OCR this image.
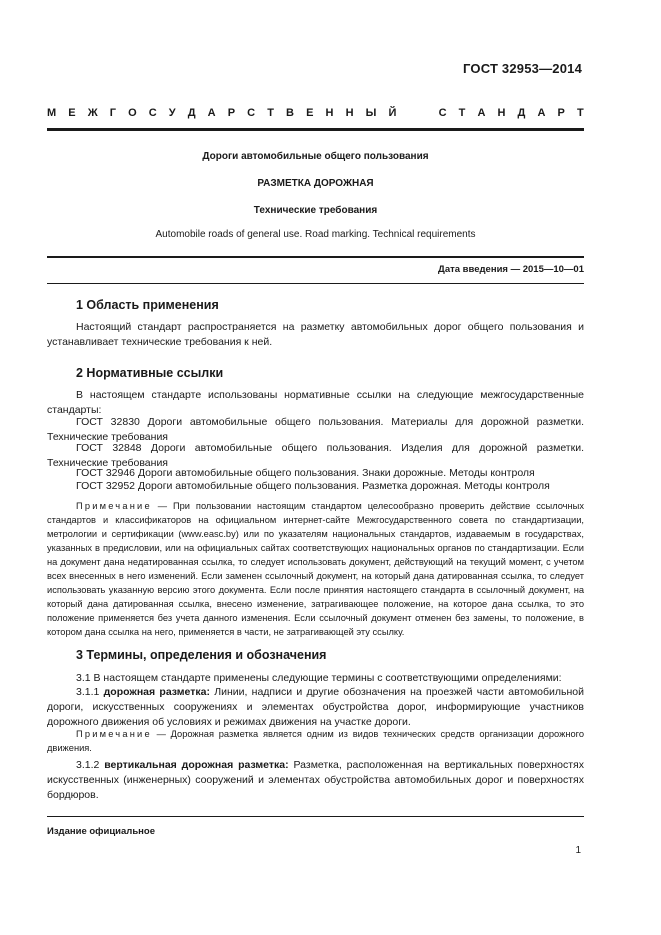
ГОСТ 32953—2014
М Е Ж Г О С У Д А Р С Т В Е Н Н Ы Й	С Т А Н Д А Р Т
Дороги автомобильные общего пользования
РАЗМЕТКА ДОРОЖНАЯ
Технические требования
Automobile roads of general use. Road marking. Technical requirements
Дата введения — 2015—10—01
1 Область применения

Настоящий стандарт распространяется на разметку автомобильных дорог общего пользования и устанавливает технические требования к ней.

2 Нормативные ссылки

В настоящем стандарте использованы нормативные ссылки на следующие межгосударственные стандарты:

ГОСТ 32830 Дороги автомобильные общего пользования. Материалы для дорожной разметки. Технические требования

ГОСТ 32848 Дороги автомобильные общего пользования. Изделия для дорожной разметки. Технические требования

ГОСТ 32946 Дороги автомобильные общего пользования. Знаки дорожные. Методы контроля

ГОСТ 32952 Дороги автомобильные общего пользования. Разметка дорожная. Методы контроля

Примечание — При пользовании настоящим стандартом целесообразно проверить действие ссылочных стандартов и классификаторов на официальном интернет-сайте Межгосударственного совета по стандартизации, метрологии и сертификации (www.easc.by) или по указателям национальных стандартов, издаваемым в государствах, указанных в предисловии, или на официальных сайтах соответствующих национальных органов по стандартизации. Если на документ дана недатированная ссылка, то следует использовать документ, действующий на текущий момент, с учетом всех внесенных в него изменений. Если заменен ссылочный документ, на который дана датированная ссылка, то следует использовать указанную версию этого документа. Если после принятия настоящего стандарта в ссылочный документ, на который дана датированная ссылка, внесено изменение, затрагивающее положение, на которое дана ссылка, то это положение применяется без учета данного изменения. Если ссылочный документ отменен без замены, то положение, в котором дана ссылка на него, применяется в части, не затрагивающей эту ссылку.

3 Термины, определения и обозначения

3.1 В настоящем стандарте применены следующие термины с соответствующими определениями:

3.1.1 дорожная разметка: Линии, надписи и другие обозначения на проезжей части автомобильной дороги, искусственных сооружениях и элементах обустройства дорог, информирующие участников дорожного движения об условиях и режимах движения на участке дороги.

Примечание — Дорожная разметка является одним из видов технических средств организации дорожного движения.

3.1.2 вертикальная дорожная разметка: Разметка, расположенная на вертикальных поверхностях искусственных (инженерных) сооружений и элементах обустройства автомобильных дорог и поверхностях бордюров.

Издание официальное
1
